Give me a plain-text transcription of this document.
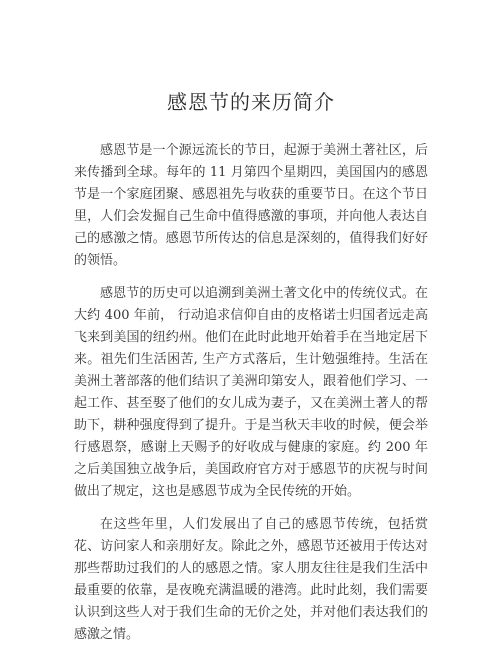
感恩节的来历简介

感恩节是一个源远流长的节日，起源于美洲土著社区，后来传播到全球。每年的 11 月第四个星期四，美国国内的感恩节是一个家庭团聚、感恩祖先与收获的重要节日。在这个节日里，人们会发掘自己生命中值得感激的事项，并向他人表达自己的感激之情。感恩节所传达的信息是深刻的，值得我们好好的领悟。

感恩节的历史可以追溯到美洲土著文化中的传统仪式。在大约 400 年前， 行动追求信仰自由的皮格诺士归国者远走高飞来到美国的纽约州。他们在此时此地开始着手在当地定居下来。祖先们生活困苦, 生产方式落后，生计勉强维持。生活在美洲土著部落的他们结识了美洲印第安人，跟着他们学习、一起工作、甚至娶了他们的女儿成为妻子，又在美洲土著人的帮助下，耕种强度得到了提升。于是当秋天丰收的时候，便会举行感恩祭，感谢上天赐予的好收成与健康的家庭。约 200 年之后美国独立战争后，美国政府官方对于感恩节的庆祝与时间做出了规定，这也是感恩节成为全民传统的开始。

在这些年里，人们发展出了自己的感恩节传统，包括赏花、访问家人和亲朋好友。除此之外，感恩节还被用于传达对那些帮助过我们的人的感恩之情。家人朋友往往是我们生活中最重要的依靠，是夜晚充满温暖的港湾。此时此刻，我们需要认识到这些人对于我们生命的无价之处，并对他们表达我们的感激之情。
